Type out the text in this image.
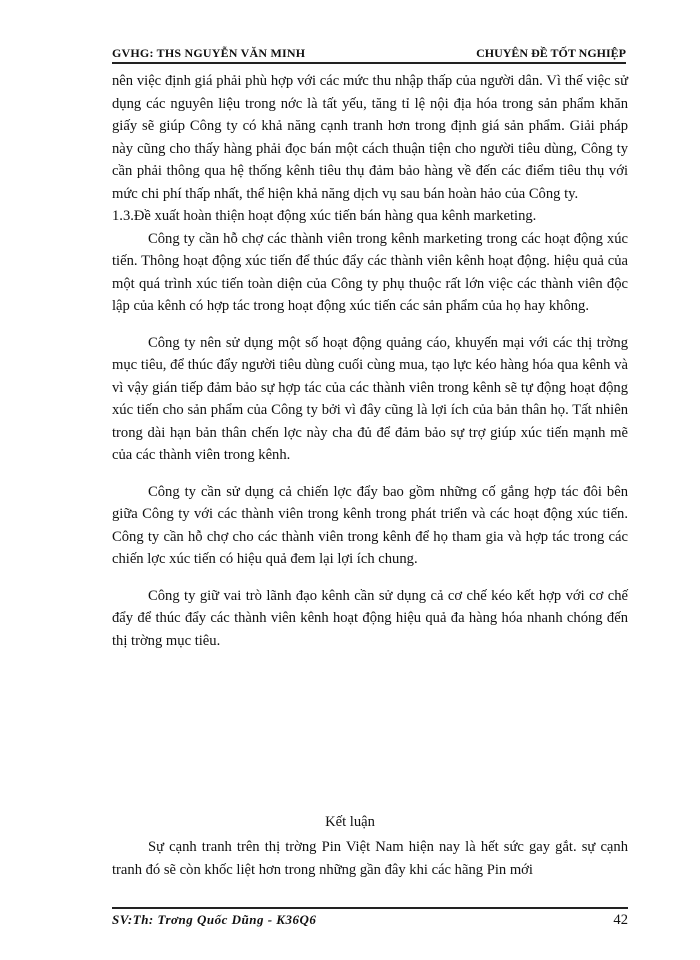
GVHG: THS NGUYỄN VĂN MINH	CHUYÊN ĐỀ TỐT NGHIỆP

nên việc định giá phải phù hợp với các mức thu nhập thấp của người dân. Vì thế việc sử dụng các nguyên liệu trong nớc là tất yếu, tăng tỉ lệ nội địa hóa trong sản phẩm khăn giấy sẽ giúp Công ty có khả năng cạnh tranh hơn trong định giá sản phẩm. Giải pháp này cũng cho thấy hàng phải đọc bán một cách thuận tiện cho người tiêu dùng, Công ty cần phải thông qua hệ thống kênh tiêu thụ đảm bảo hàng về đến các điểm tiêu thụ với mức chi phí thấp nhất, thể hiện khả năng dịch vụ sau bán hoàn hảo của Công ty.

1.3.Đề xuất hoàn thiện hoạt động xúc tiến bán hàng qua kênh marketing.

Công ty cần hỗ chợ các thành viên trong kênh marketing trong các hoạt động xúc tiến. Thông hoạt động xúc tiến để thúc đẩy các thành viên kênh hoạt động. hiệu quả của một quá trình xúc tiến toàn diện của Công ty phụ thuộc rất lớn việc các thành viên độc lập của kênh có hợp tác trong hoạt động xúc tiến các sản phẩm của họ hay không.

Công ty nên sử dụng một số hoạt động quảng cáo, khuyến mại với các thị trờng mục tiêu, để thúc đẩy người tiêu dùng cuối cùng mua, tạo lực kéo hàng hóa qua kênh và vì vậy gián tiếp đảm bảo sự hợp tác của các thành viên trong kênh sẽ tự động hoạt động xúc tiến cho sản phẩm của Công ty bởi vì đây cũng là lợi ích của bản thân họ. Tất nhiên trong dài hạn bản thân chến lợc này cha đủ để đảm bảo sự trợ giúp xúc tiến mạnh mẽ của các thành viên trong kênh.

Công ty cần sử dụng cả chiến lợc đẩy bao gồm những cố gắng hợp tác đôi bên giữa Công ty với các thành viên trong kênh trong phát triển và các hoạt động xúc tiến. Công ty cần hỗ chợ cho các thành viên trong kênh để họ tham gia và hợp tác trong các chiến lợc xúc tiến có hiệu quả đem lại lợi ích chung.

Công ty giữ vai trò lãnh đạo kênh cần sử dụng cả cơ chế kéo kết hợp với cơ chế đẩy để thúc đẩy các thành viên kênh hoạt động hiệu quả đa hàng hóa nhanh chóng đến thị trờng mục tiêu.

Kết luận

Sự cạnh tranh trên thị trờng Pin Việt Nam hiện nay là hết sức gay gắt. sự cạnh tranh đó sẽ còn khốc liệt hơn trong những gần đây khi các hãng Pin mới

SV:Th: Trơng Quốc Dũng - K36Q6	42
